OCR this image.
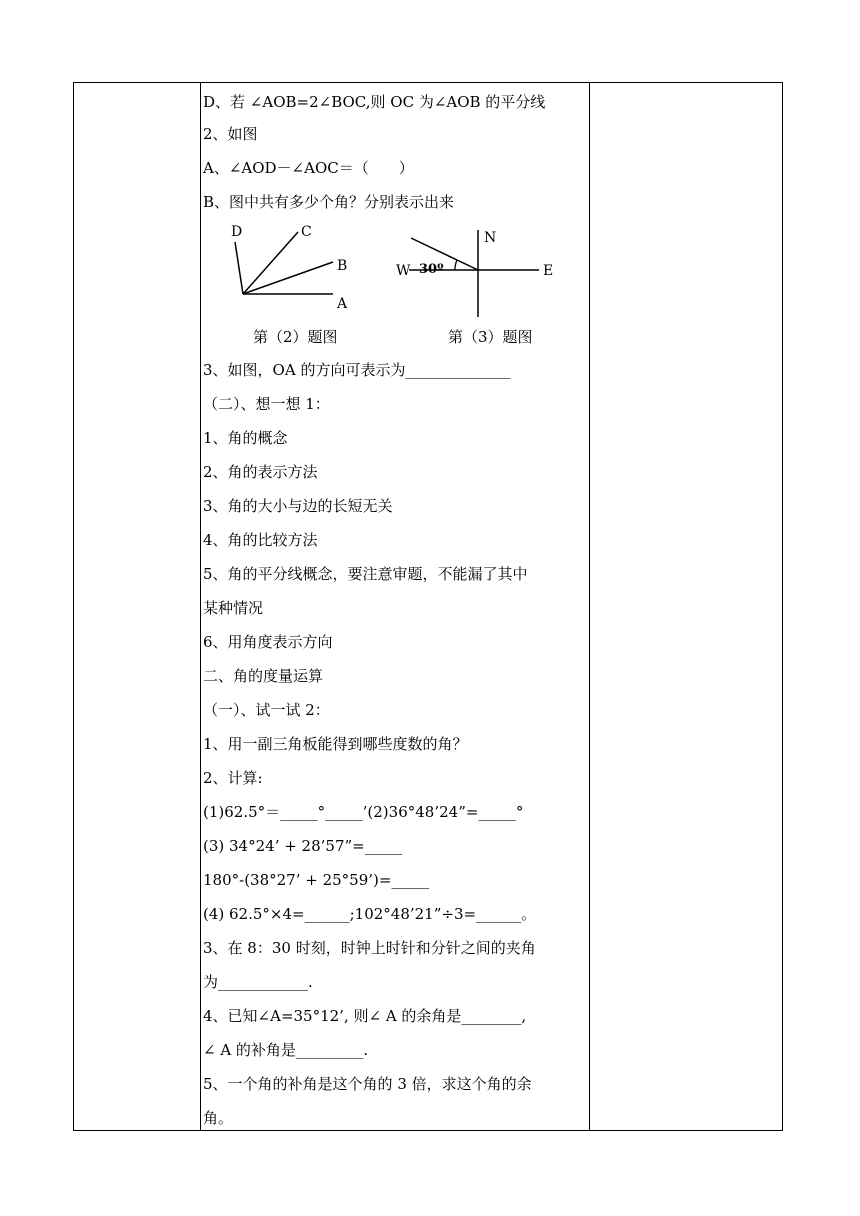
D、若 ∠AOB=2∠BOC,则 OC 为∠AOB 的平分线
2、如图
A、∠AOD－∠AOC＝（　　）
B、图中共有多少个角？分别表示出来
D	C
B
A
N
W	E
30º
第（2）题图	第（3）题图
3、如图，OA 的方向可表示为______________
（二）、想一想 1：
1、角的概念
2、角的表示方法
3、角的大小与边的长短无关
4、角的比较方法
5、角的平分线概念，要注意审题，不能漏了其中
某种情况
6、用角度表示方向
二、角的度量运算
（一）、试一试 2：
1、用一副三角板能得到哪些度数的角？
2、计算:
(1)62.5°＝_____°_____’(2)36°48’24”=_____°
(3) 34°24’ + 28’57”=_____
180°-(38°27’ + 25°59’)=_____
(4) 62.5°×4=______;102°48’21”÷3=______。
3、在 8：30 时刻，时钟上时针和分针之间的夹角
为____________.
4、已知∠A=35°12’, 则∠ A 的余角是________,
∠ A 的补角是_________.
5、一个角的补角是这个角的 3 倍，求这个角的余
角。
